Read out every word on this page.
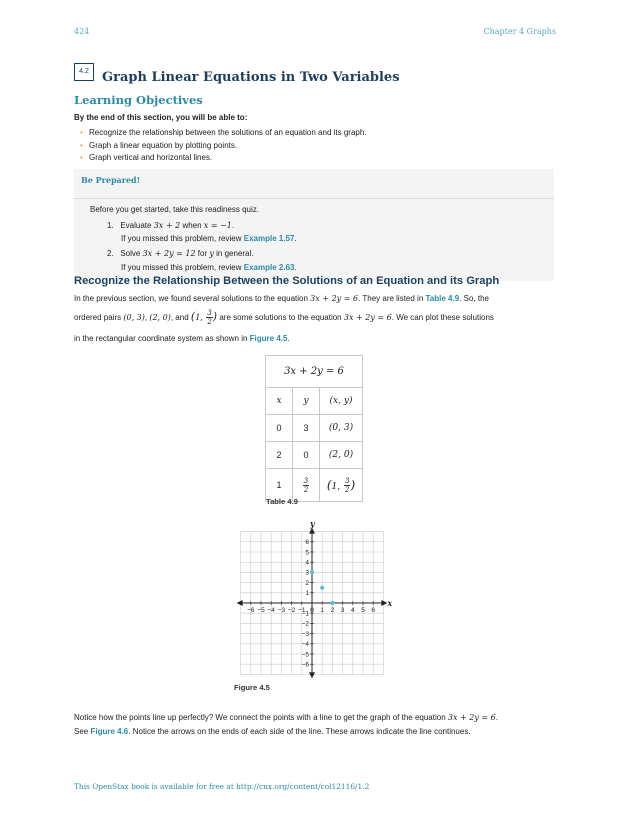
424	Chapter 4 Graphs
4.2	Graph Linear Equations in Two Variables
Learning Objectives
By the end of this section, you will be able to:
• Recognize the relationship between the solutions of an equation and its graph.
• Graph a linear equation by plotting points.
• Graph vertical and horizontal lines.
Be Prepared!
Before you get started, take this readiness quiz.
1. Evaluate 3x + 2 when x = −1.
If you missed this problem, review Example 1.57.
2. Solve 3x + 2y = 12 for y in general.
If you missed this problem, review Example 2.63.
Recognize the Relationship Between the Solutions of an Equation and its Graph
In the previous section, we found several solutions to the equation 3x + 2y = 6. They are listed in Table 4.9. So, the
ordered pairs (0, 3), (2, 0), and (1, $\frac{3}{2}$ ) are some solutions to the equation 3x + 2y = 6. We can plot these solutions
in the rectangular coordinate system as shown in Figure 4.5.
3x + 2y = 6		
x	y	(x, y)
0	3	(0, 3)
2	0	(2, 0)
1	$\frac{3}{2}$	(1, $\frac{3}{2}$ )
Table 4.9
x
y
−6 −5 −4 −3 −2 −1 0 1 2 3 4 5 6
6
5
4
3
2
1
−1
−2
−3
−4
−5
−6
Figure 4.5
Notice how the points line up perfectly? We connect the points with a line to get the graph of the equation 3x + 2y = 6.
See Figure 4.6. Notice the arrows on the ends of each side of the line. These arrows indicate the line continues.
This OpenStax book is available for free at http://cnx.org/content/col12116/1.2
